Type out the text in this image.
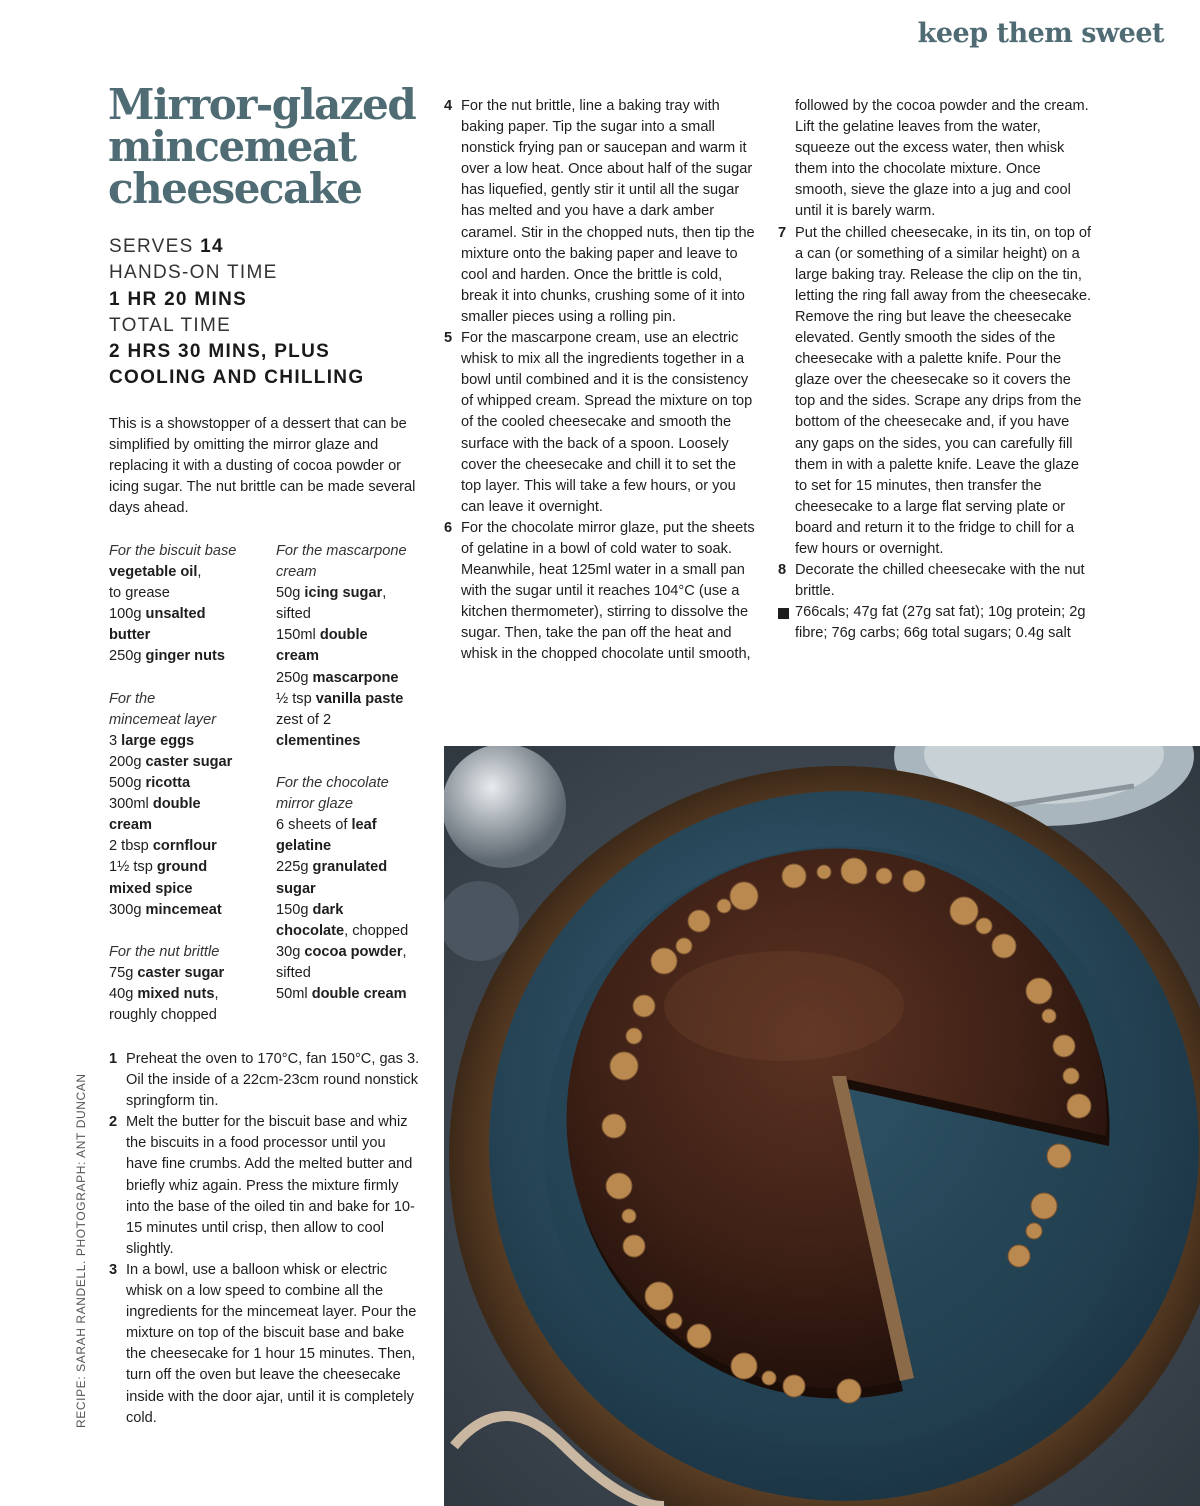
keep them sweet
Mirror-glazed mincemeat cheesecake
SERVES 14
HANDS-ON TIME
1 HR 20 MINS
TOTAL TIME
2 HRS 30 MINS, PLUS
COOLING AND CHILLING

This is a showstopper of a dessert that can be simplified by omitting the mirror glaze and replacing it with a dusting of cocoa powder or icing sugar. The nut brittle can be made several days ahead.

For the biscuit base
vegetable oil,
to grease
100g unsalted
butter
250g ginger nuts
For the
mincemeat layer
3 large eggs
200g caster sugar
500g ricotta
300ml double
cream
2 tbsp cornflour
1½ tsp ground
mixed spice
300g mincemeat
For the nut brittle
75g caster sugar
40g mixed nuts,
roughly chopped
For the mascarpone
cream
50g icing sugar,
sifted
150ml double
cream
250g mascarpone
½ tsp vanilla paste
zest of 2
clementines
For the chocolate
mirror glaze
6 sheets of leaf
gelatine
225g granulated
sugar
150g dark
chocolate, chopped
30g cocoa powder,
sifted
50ml double cream
1 Preheat the oven to 170°C, fan 150°C, gas 3. Oil the inside of a 22cm-23cm round nonstick springform tin.
2 Melt the butter for the biscuit base and whiz the biscuits in a food processor until you have fine crumbs. Add the melted butter and briefly whiz again. Press the mixture firmly into the base of the oiled tin and bake for 10-15 minutes until crisp, then allow to cool slightly.
3 In a bowl, use a balloon whisk or electric whisk on a low speed to combine all the ingredients for the mincemeat layer. Pour the mixture on top of the biscuit base and bake the cheesecake for 1 hour 15 minutes. Then, turn off the oven but leave the cheesecake inside with the door ajar, until it is completely cold.
4 For the nut brittle, line a baking tray with baking paper. Tip the sugar into a small nonstick frying pan or saucepan and warm it over a low heat. Once about half of the sugar has liquefied, gently stir it until all the sugar has melted and you have a dark amber caramel. Stir in the chopped nuts, then tip the mixture onto the baking paper and leave to cool and harden. Once the brittle is cold, break it into chunks, crushing some of it into smaller pieces using a rolling pin.
5 For the mascarpone cream, use an electric whisk to mix all the ingredients together in a bowl until combined and it is the consistency of whipped cream. Spread the mixture on top of the cooled cheesecake and smooth the surface with the back of a spoon. Loosely cover the cheesecake and chill it to set the top layer. This will take a few hours, or you can leave it overnight.
6 For the chocolate mirror glaze, put the sheets of gelatine in a bowl of cold water to soak. Meanwhile, heat 125ml water in a small pan with the sugar until it reaches 104°C (use a kitchen thermometer), stirring to dissolve the sugar. Then, take the pan off the heat and whisk in the chopped chocolate until smooth,
followed by the cocoa powder and the cream. Lift the gelatine leaves from the water, squeeze out the excess water, then whisk them into the chocolate mixture. Once smooth, sieve the glaze into a jug and cool until it is barely warm.
7 Put the chilled cheesecake, in its tin, on top of a can (or something of a similar height) on a large baking tray. Release the clip on the tin, letting the ring fall away from the cheesecake. Remove the ring but leave the cheesecake elevated. Gently smooth the sides of the cheesecake with a palette knife. Pour the glaze over the cheesecake so it covers the top and the sides. Scrape any drips from the bottom of the cheesecake and, if you have any gaps on the sides, you can carefully fill them in with a palette knife. Leave the glaze to set for 15 minutes, then transfer the cheesecake to a large flat serving plate or board and return it to the fridge to chill for a few hours or overnight.
8 Decorate the chilled cheesecake with the nut brittle.
766cals; 47g fat (27g sat fat); 10g protein; 2g fibre; 76g carbs; 66g total sugars; 0.4g salt
RECIPE: SARAH RANDELL. PHOTOGRAPH: ANT DUNCAN
